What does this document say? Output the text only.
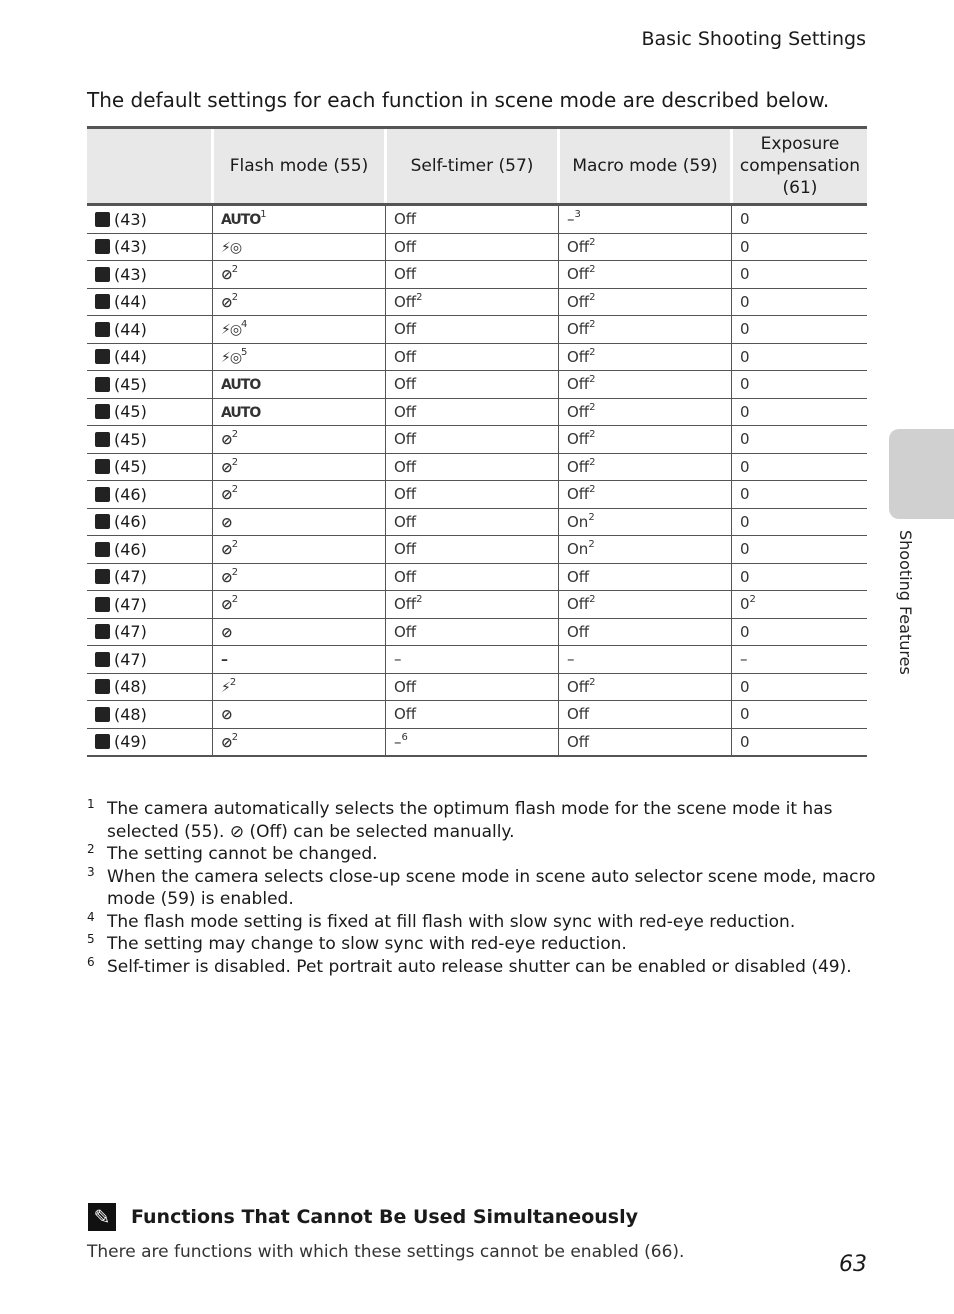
Basic Shooting Settings
The default settings for each function in scene mode are described below.
	Flash mode (55)	Self-timer (57)	Macro mode (59)	Exposure compensation (61)
(43)	AUTO$^1$	Off	–$^3$	0
(43)	⚡◎	Off	Off$^2$	0
(43)	⊘$^2$	Off	Off$^2$	0
(44)	⊘$^2$	Off$^2$	Off$^2$	0
(44)	⚡◎$^4$	Off	Off$^2$	0
(44)	⚡◎$^5$	Off	Off$^2$	0
(45)	AUTO	Off	Off$^2$	0
(45)	AUTO	Off	Off$^2$	0
(45)	⊘$^2$	Off	Off$^2$	0
(45)	⊘$^2$	Off	Off$^2$	0
(46)	⊘$^2$	Off	Off$^2$	0
(46)	⊘	Off	On$^2$	0
(46)	⊘$^2$	Off	On$^2$	0
(47)	⊘$^2$	Off	Off	0
(47)	⊘$^2$	Off$^2$	Off$^2$	$0^2$
(47)	⊘	Off	Off	0
(47)	–	–	–	–
(48)	⚡$^2$	Off	Off$^2$	0
(48)	⊘	Off	Off	0
(49)	⊘$^2$	–$^6$	Off	0
1 The camera automatically selects the optimum flash mode for the scene mode it has selected (55). ⊘ (Off) can be selected manually.
2 The setting cannot be changed.
3 When the camera selects close-up scene mode in scene auto selector scene mode, macro mode (59) is enabled.
4 The flash mode setting is fixed at fill flash with slow sync with red-eye reduction.
5 The setting may change to slow sync with red-eye reduction.
6 Self-timer is disabled. Pet portrait auto release shutter can be enabled or disabled (49).
Shooting Features
✎ Functions That Cannot Be Used Simultaneously
There are functions with which these settings cannot be enabled (66).	63
